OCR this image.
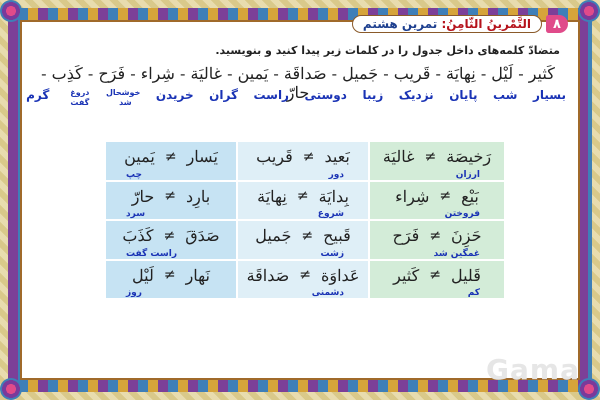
٨
التَّمْرینُ الثّامِنُ: تمرین هشتم
متضادّ کلمه‌های داخل جدول را در کلمات زیر پیدا کنید و بنویسید.
کَثیر - لَیْل - نِهایَة - قَریب - جَمیل - صَداقَة - یَمین - غالیَة - شِراء - فَرَح - کَذِب - حارّ	بسیار
شب
پایان
نزدیک
زیبا
دوستی
راست
گران
خریدن
خوشحال شد
دروغ گفت
گرم
رَخیصَة
≠
غالیَة
ارزان
بَعید
≠
قَریب
دور
یَسار
≠
یَمین
چپ
بَیْع
≠
شِراء
فروختن
بِدایَة
≠
نِهایَة
شروع
بارِد
≠
حارّ
سرد
حَزِنَ
≠
فَرَح
غمگین شد
قَبیح
≠
جَمیل
زشت
صَدَقَ
≠
کَذَبَ
راست گفت
قَلیل
≠
کَثیر
کم
عَداوَة
≠
صَداقَة
دشمنی
نَهار
≠
لَیْل
روز
Gama
